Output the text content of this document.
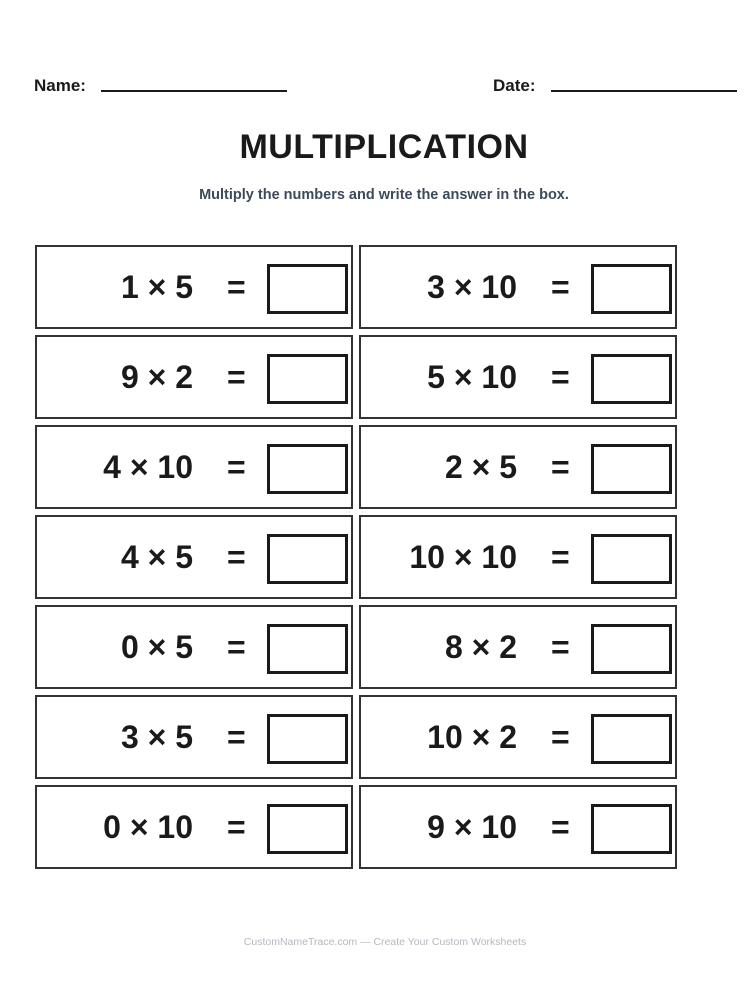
Name:	Date:
MULTIPLICATION
Multiply the numbers and write the answer in the box.
1 × 5 =
9 × 2 =
4 × 10 =
4 × 5 =
0 × 5 =
3 × 5 =
0 × 10 =
3 × 10 =
5 × 10 =
2 × 5 =
10 × 10 =
8 × 2 =
10 × 2 =
9 × 10 =
CustomNameTrace.com — Create Your Custom Worksheets
